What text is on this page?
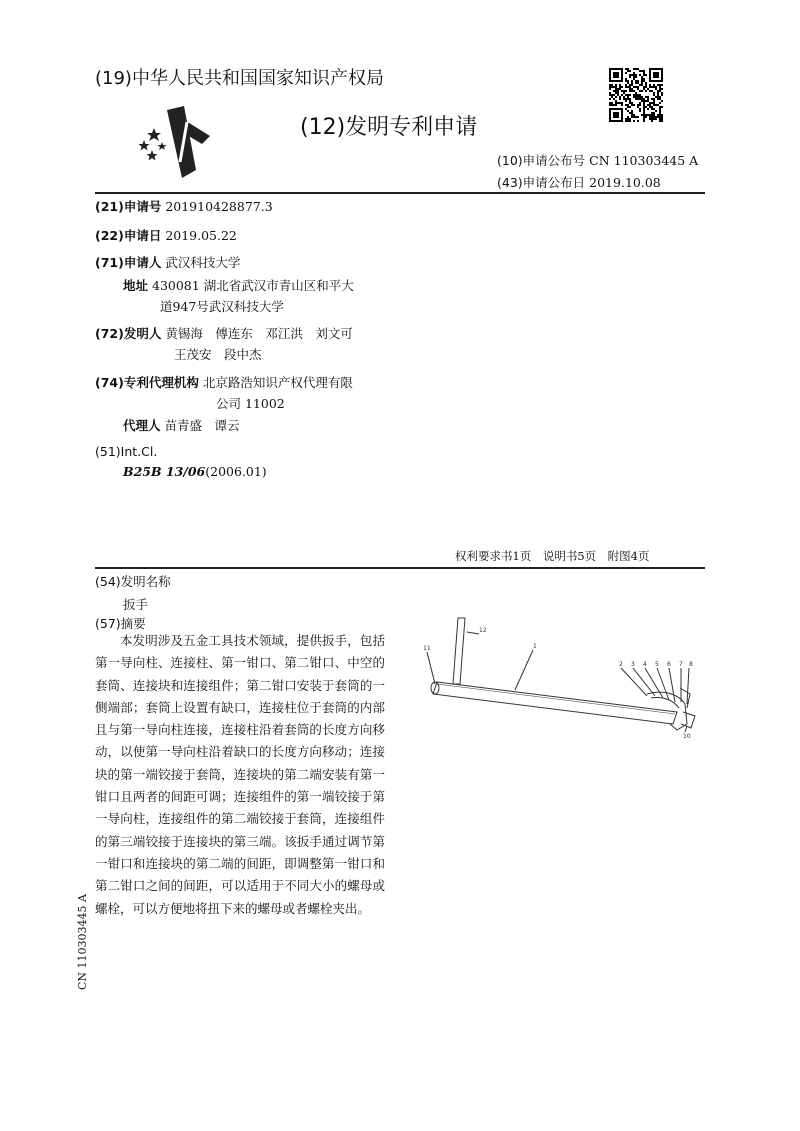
(19)中华人民共和国国家知识产权局
(12)发明专利申请
(10)申请公布号 CN 110303445 A
(43)申请公布日 2019.10.08
(21)申请号 201910428877.3
(22)申请日 2019.05.22
(71)申请人 武汉科技大学
地址 430081 湖北省武汉市青山区和平大
道947号武汉科技大学
(72)发明人 黄锡海　傅连东　邓江洪　刘文可
王茂安　段中杰
(74)专利代理机构 北京路浩知识产权代理有限
公司 11002
代理人 苗青盛　谭云
(51)Int.Cl.
B25B 13/06(2006.01)
权利要求书1页　说明书5页　附图4页
(54)发明名称
扳手
(57)摘要

本发明涉及五金工具技术领域，提供扳手，包括第一导向柱、连接柱、第一钳口、第二钳口、中空的套筒、连接块和连接组件；第二钳口安装于套筒的一侧端部；套筒上设置有缺口，连接柱位于套筒的内部且与第一导向柱连接，连接柱沿着套筒的长度方向移动，以使第一导向柱沿着缺口的长度方向移动；连接块的第一端铰接于套筒，连接块的第二端安装有第一钳口且两者的间距可调；连接组件的第一端铰接于第一导向柱，连接组件的第二端铰接于套筒，连接组件的第三端铰接于连接块的第三端。该扳手通过调节第一钳口和连接块的第二端的间距，即调整第一钳口和第二钳口之间的间距，可以适用于不同大小的螺母或螺栓，可以方便地将扭下来的螺母或者螺栓夹出。

12
1
11
2 3 4 5 6 7 8
10
CN 110303445 A
